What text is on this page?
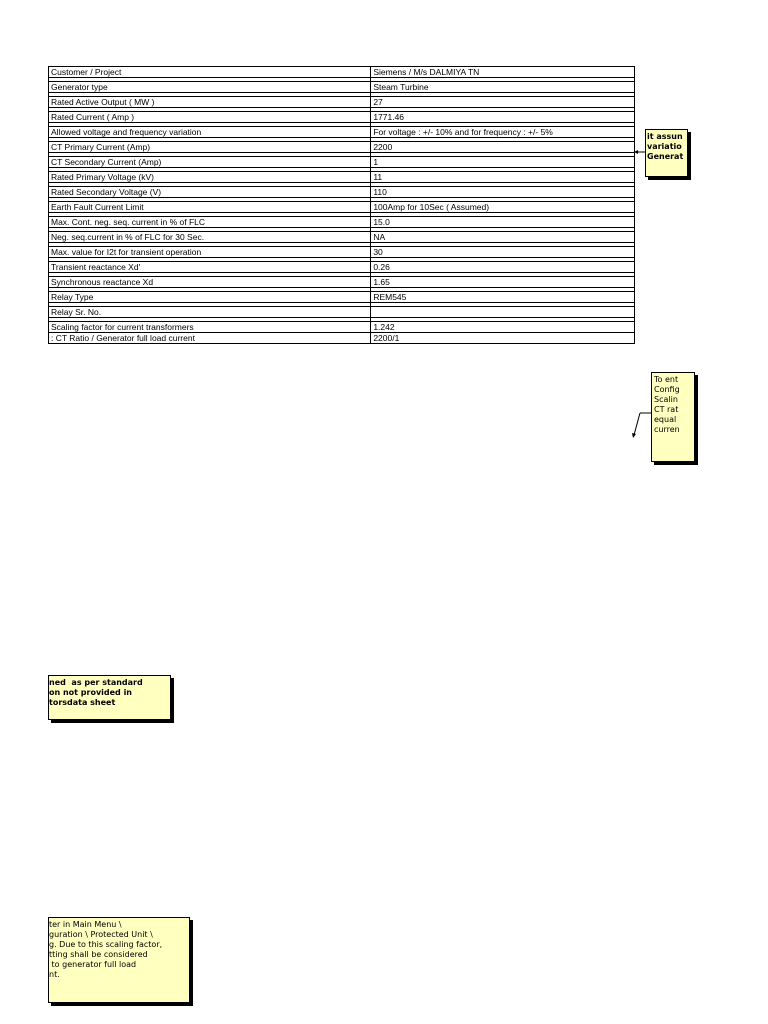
Customer / Project	Siemens / M/s DALMIYA TN

Generator type	Steam Turbine

Rated Active Output ( MW )	27

Rated Current ( Amp )	1771.46

Allowed voltage and frequency variation	For voltage : +/- 10% and for frequency : +/- 5%

CT Primary Current (Amp)	2200

CT Secondary Current (Amp)	1

Rated Primary Voltage (kV)	11

Rated Secondary Voltage (V)	110

Earth Fault Current Limit	100Amp for 10Sec ( Assumed)

Max. Cont. neg. seq. current in % of FLC	15.0

Neg. seq.current in % of FLC for 30 Sec.	NA

Max. value for I2t for transient operation	30

Transient reactance Xd'	0.26

Synchronous reactance Xd	1.65

Relay Type	REM545

Relay Sr. No.	

Scaling factor for current transformers	1.242
: CT Ratio / Generator full load current	2200/1
it assun
variatio
Generat
To ent
Config
Scalin
CT rat
equal
curren
ned  as per standard
on not provided in
torsdata sheet
ter in Main Menu \
guration \ Protected Unit \
g. Due to this scaling factor,
tting shall be considered
to generator full load
nt.
